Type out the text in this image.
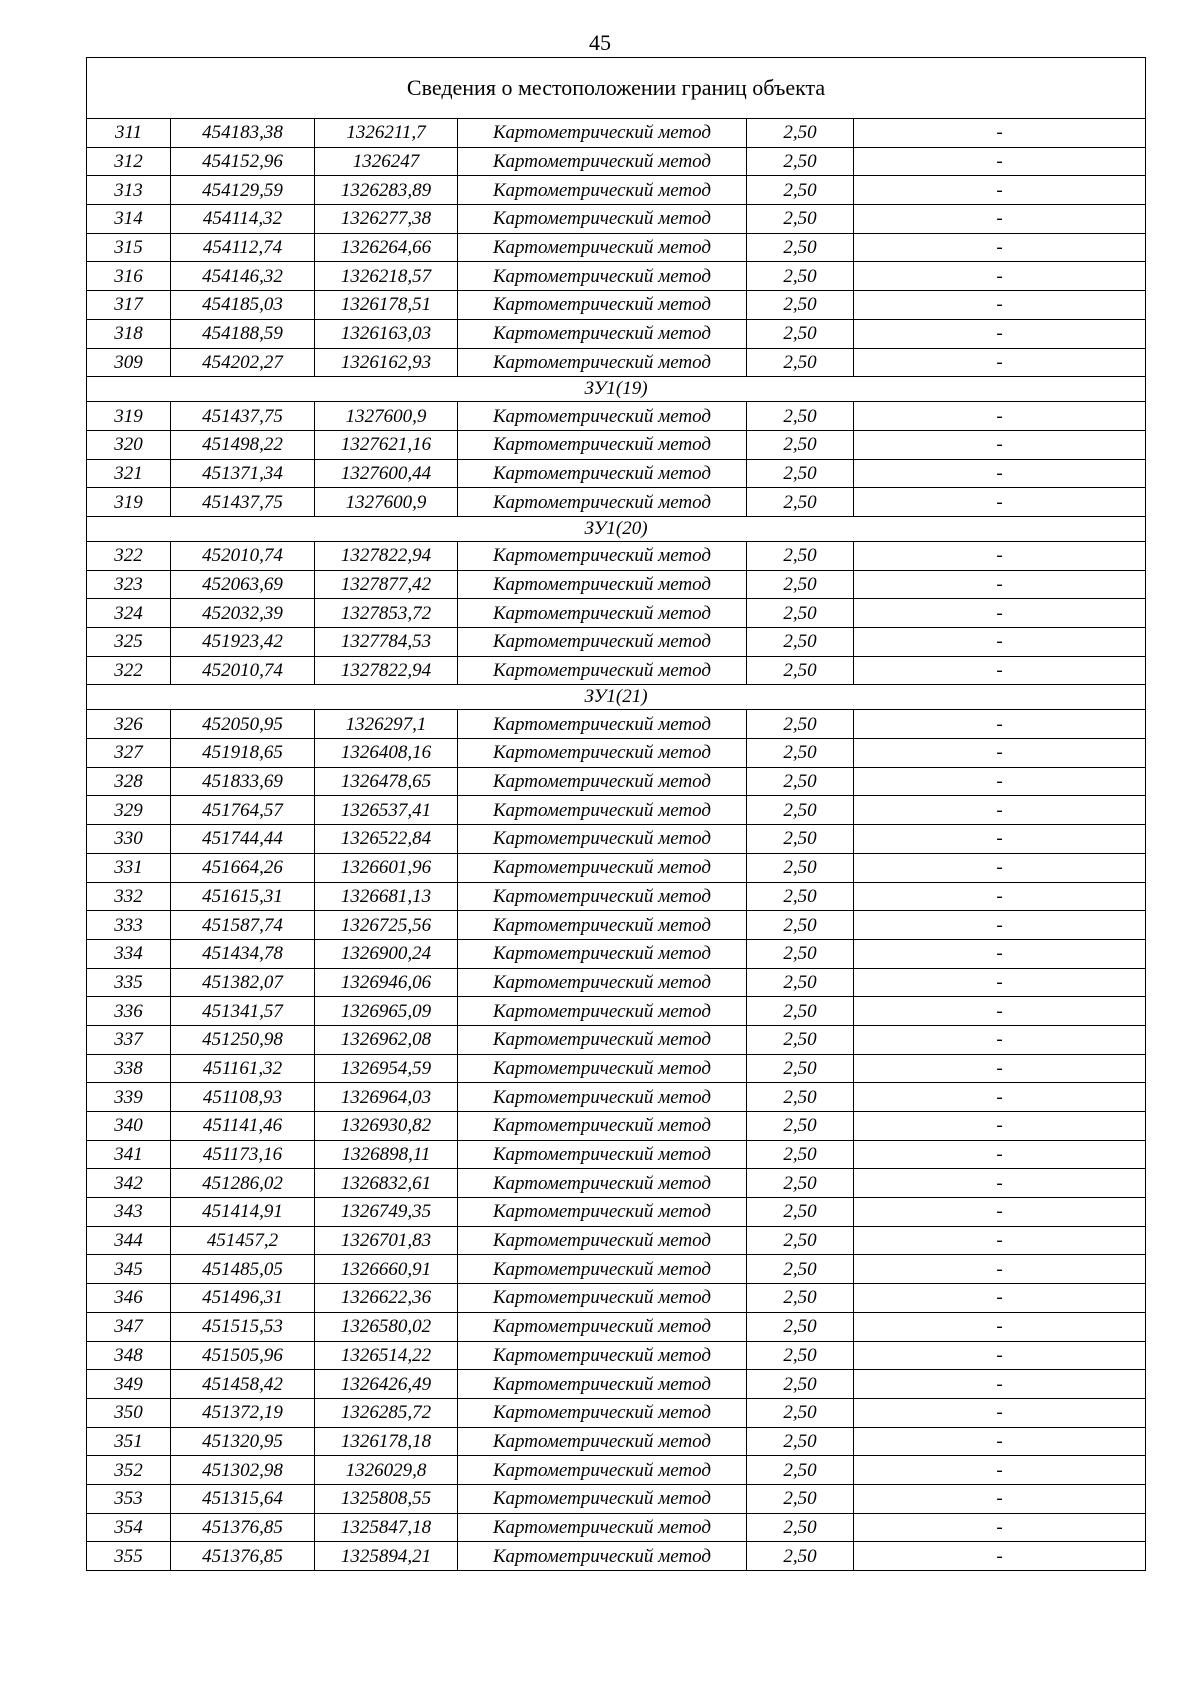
45
Сведения о местоположении границ объекта					
311	454183,38	1326211,7	Картометрический метод	2,50	-
312	454152,96	1326247	Картометрический метод	2,50	-
313	454129,59	1326283,89	Картометрический метод	2,50	-
314	454114,32	1326277,38	Картометрический метод	2,50	-
315	454112,74	1326264,66	Картометрический метод	2,50	-
316	454146,32	1326218,57	Картометрический метод	2,50	-
317	454185,03	1326178,51	Картометрический метод	2,50	-
318	454188,59	1326163,03	Картометрический метод	2,50	-
309	454202,27	1326162,93	Картометрический метод	2,50	-
ЗУ1(19)					
319	451437,75	1327600,9	Картометрический метод	2,50	-
320	451498,22	1327621,16	Картометрический метод	2,50	-
321	451371,34	1327600,44	Картометрический метод	2,50	-
319	451437,75	1327600,9	Картометрический метод	2,50	-
ЗУ1(20)					
322	452010,74	1327822,94	Картометрический метод	2,50	-
323	452063,69	1327877,42	Картометрический метод	2,50	-
324	452032,39	1327853,72	Картометрический метод	2,50	-
325	451923,42	1327784,53	Картометрический метод	2,50	-
322	452010,74	1327822,94	Картометрический метод	2,50	-
ЗУ1(21)					
326	452050,95	1326297,1	Картометрический метод	2,50	-
327	451918,65	1326408,16	Картометрический метод	2,50	-
328	451833,69	1326478,65	Картометрический метод	2,50	-
329	451764,57	1326537,41	Картометрический метод	2,50	-
330	451744,44	1326522,84	Картометрический метод	2,50	-
331	451664,26	1326601,96	Картометрический метод	2,50	-
332	451615,31	1326681,13	Картометрический метод	2,50	-
333	451587,74	1326725,56	Картометрический метод	2,50	-
334	451434,78	1326900,24	Картометрический метод	2,50	-
335	451382,07	1326946,06	Картометрический метод	2,50	-
336	451341,57	1326965,09	Картометрический метод	2,50	-
337	451250,98	1326962,08	Картометрический метод	2,50	-
338	451161,32	1326954,59	Картометрический метод	2,50	-
339	451108,93	1326964,03	Картометрический метод	2,50	-
340	451141,46	1326930,82	Картометрический метод	2,50	-
341	451173,16	1326898,11	Картометрический метод	2,50	-
342	451286,02	1326832,61	Картометрический метод	2,50	-
343	451414,91	1326749,35	Картометрический метод	2,50	-
344	451457,2	1326701,83	Картометрический метод	2,50	-
345	451485,05	1326660,91	Картометрический метод	2,50	-
346	451496,31	1326622,36	Картометрический метод	2,50	-
347	451515,53	1326580,02	Картометрический метод	2,50	-
348	451505,96	1326514,22	Картометрический метод	2,50	-
349	451458,42	1326426,49	Картометрический метод	2,50	-
350	451372,19	1326285,72	Картометрический метод	2,50	-
351	451320,95	1326178,18	Картометрический метод	2,50	-
352	451302,98	1326029,8	Картометрический метод	2,50	-
353	451315,64	1325808,55	Картометрический метод	2,50	-
354	451376,85	1325847,18	Картометрический метод	2,50	-
355	451376,85	1325894,21	Картометрический метод	2,50	-
